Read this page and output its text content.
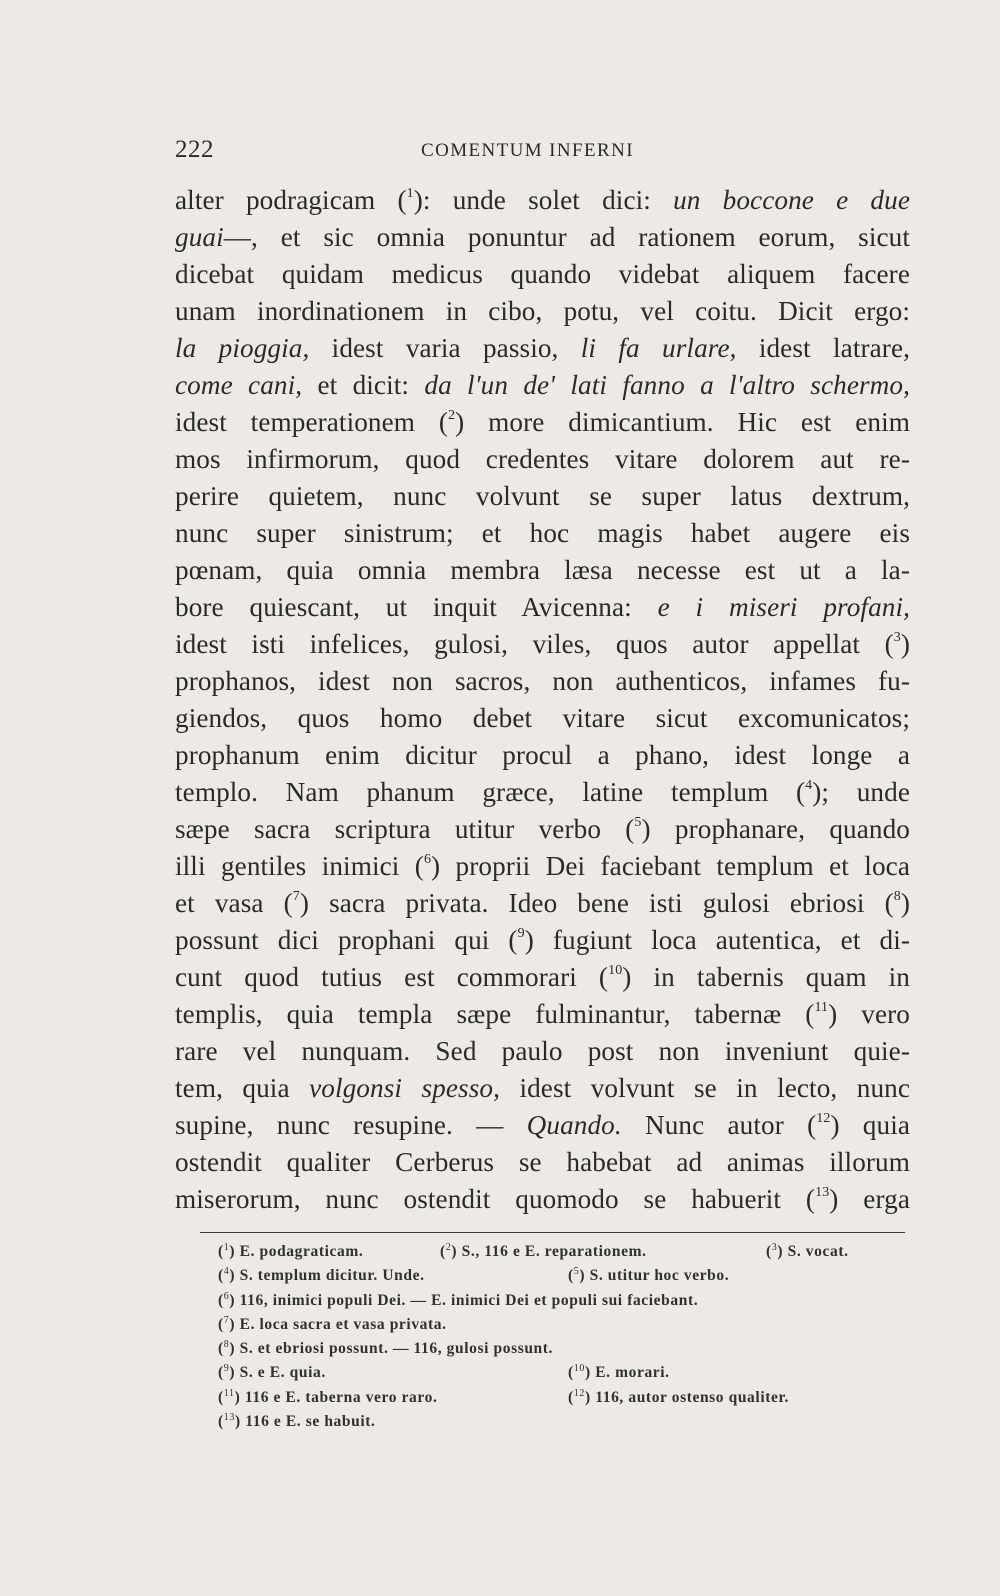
222	COMENTUM INFERNI
alter podragicam ($^1$): unde solet dici: un boccone e due
guai—, et sic omnia ponuntur ad rationem eorum, sicut
dicebat quidam medicus quando videbat aliquem facere
unam inordinationem in cibo, potu, vel coitu. Dicit ergo:
la pioggia, idest varia passio, li fa urlare, idest latrare,
come cani, et dicit: da l'un de' lati fanno a l'altro schermo,
idest temperationem ($^2$) more dimicantium. Hic est enim
mos infirmorum, quod credentes vitare dolorem aut re-
perire quietem, nunc volvunt se super latus dextrum,
nunc super sinistrum; et hoc magis habet augere eis
pœnam, quia omnia membra læsa necesse est ut a la-
bore quiescant, ut inquit Avicenna: e i miseri profani,
idest isti infelices, gulosi, viles, quos autor appellat ($^3$)
prophanos, idest non sacros, non authenticos, infames fu-
giendos, quos homo debet vitare sicut excomunicatos;
prophanum enim dicitur procul a phano, idest longe a
templo. Nam phanum græce, latine templum ($^4$); unde
sæpe sacra scriptura utitur verbo ($^5$) prophanare, quando
illi gentiles inimici ($^6$) proprii Dei faciebant templum et loca
et vasa ($^7$) sacra privata. Ideo bene isti gulosi ebriosi ($^8$)
possunt dici prophani qui ($^9$) fugiunt loca autentica, et di-
cunt quod tutius est commorari ($^{10}$) in tabernis quam in
templis, quia templa sæpe fulminantur, tabernæ ($^{11}$) vero
rare vel nunquam. Sed paulo post non inveniunt quie-
tem, quia volgonsi spesso, idest volvunt se in lecto, nunc
supine, nunc resupine. — Quando. Nunc autor ($^{12}$) quia
ostendit qualiter Cerberus se habebat ad animas illorum
miserorum, nunc ostendit quomodo se habuerit ($^{13}$) erga
($^1$) E. podagraticam.	($^2$) S., 116 e E. reparationem.	($^3$) S. vocat.
($^4$) S. templum dicitur. Unde.	($^5$) S. utitur hoc verbo.
($^6$) 116, inimici populi Dei. — E. inimici Dei et populi sui faciebant.
($^7$) E. loca sacra et vasa privata.
($^8$) S. et ebriosi possunt. — 116, gulosi possunt.
($^9$) S. e E. quia.	($^{10}$) E. morari.
($^{11}$) 116 e E. taberna vero raro.	($^{12}$) 116, autor ostenso qualiter.
($^{13}$) 116 e E. se habuit.
